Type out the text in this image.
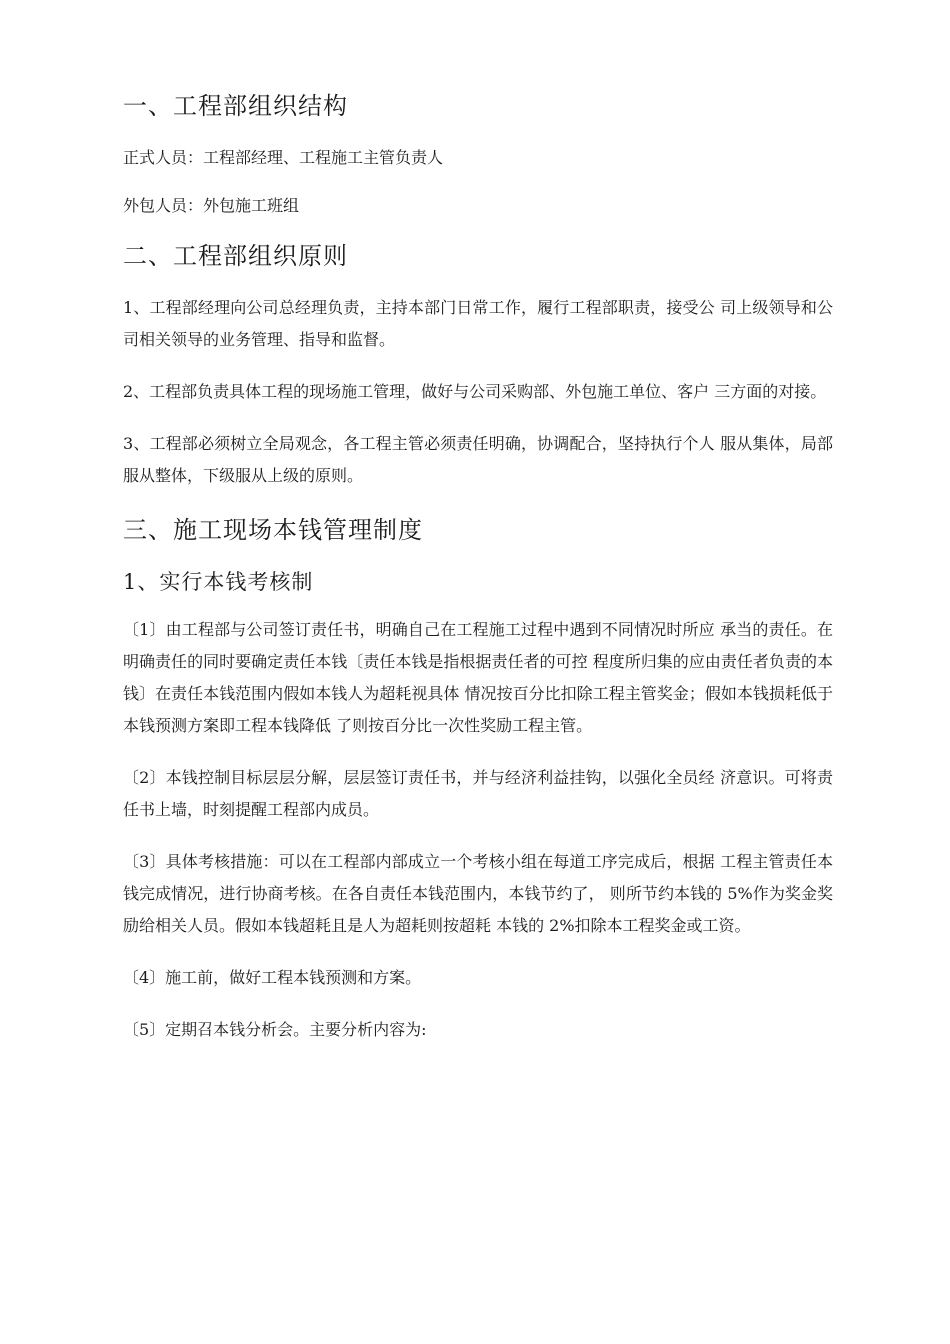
一、工程部组织结构
正式人员：工程部经理、工程施工主管负责人
外包人员：外包施工班组
二、工程部组织原则
1、工程部经理向公司总经理负责，主持本部门日常工作，履行工程部职责，接受公 司上级领导和公司相关领导的业务管理、指导和监督。
2、工程部负责具体工程的现场施工管理，做好与公司采购部、外包施工单位、客户 三方面的对接。
3、工程部必须树立全局观念，各工程主管必须责任明确，协调配合，坚持执行个人 服从集体，局部服从整体，下级服从上级的原则。
三、施工现场本钱管理制度
1、实行本钱考核制
〔1〕由工程部与公司签订责任书，明确自己在工程施工过程中遇到不同情况时所应 承当的责任。在明确责任的同时要确定责任本钱〔责任本钱是指根据责任者的可控 程度所归集的应由责任者负责的本钱〕在责任本钱范围内假如本钱人为超耗视具体 情况按百分比扣除工程主管奖金；假如本钱损耗低于本钱预测方案即工程本钱降低 了则按百分比一次性奖励工程主管。
〔2〕本钱控制目标层层分解，层层签订责任书，并与经济利益挂钩，以强化全员经 济意识。可将责任书上墙，时刻提醒工程部内成员。
〔3〕具体考核措施：可以在工程部内部成立一个考核小组在每道工序完成后，根据 工程主管责任本钱完成情况，进行协商考核。在各自责任本钱范围内，本钱节约了， 则所节约本钱的 5%作为奖金奖励给相关人员。假如本钱超耗且是人为超耗则按超耗 本钱的 2%扣除本工程奖金或工资。
〔4〕施工前，做好工程本钱预测和方案。
〔5〕定期召本钱分析会。主要分析内容为:
